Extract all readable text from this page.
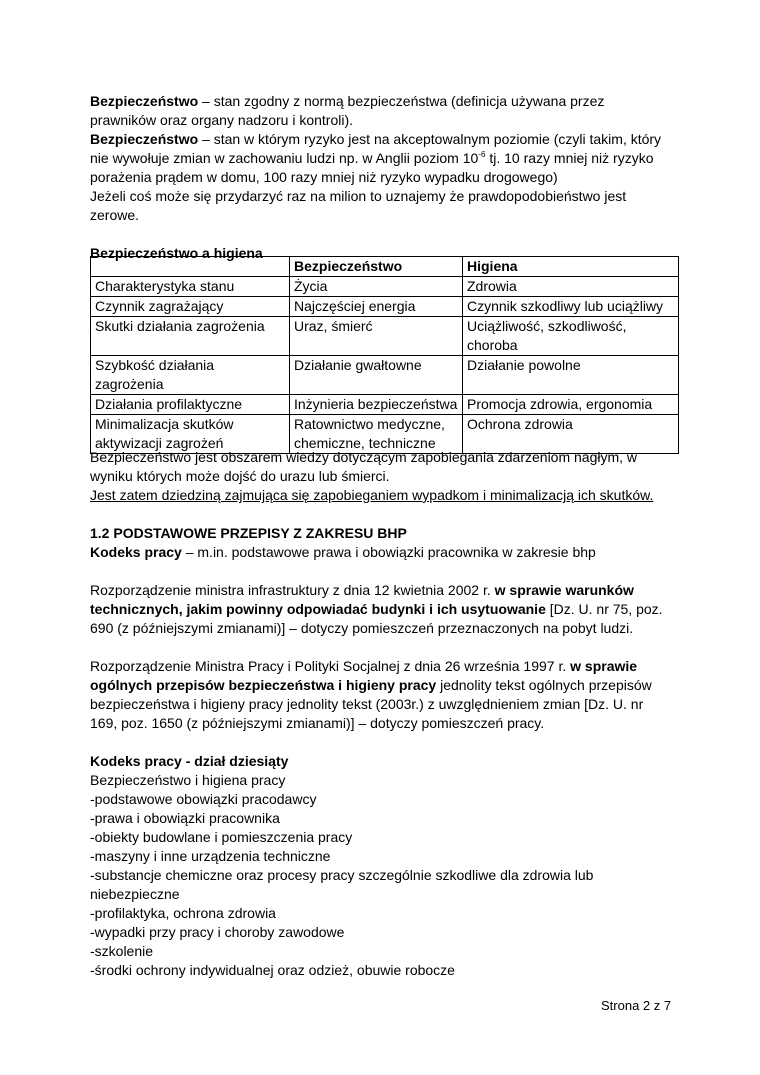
Bezpieczeństwo – stan zgodny z normą bezpieczeństwa (definicja używana przez
prawników oraz organy nadzoru i kontroli).
Bezpieczeństwo – stan w którym ryzyko jest na akceptowalnym poziomie (czyli takim, który
nie wywołuje zmian w zachowaniu ludzi np. w Anglii poziom $10^{-6}$ tj. 10 razy mniej niż ryzyko
porażenia prądem w domu, 100 razy mniej niż ryzyko wypadku drogowego)
Jeżeli coś może się przydarzyć raz na milion to uznajemy że prawdopodobieństwo jest
zerowe.
Bezpieczeństwo a higiena
Bezpieczeństwo jest obszarem wiedzy dotyczącym zapobiegania zdarzeniom nagłym, w
wyniku których może dojść do urazu lub śmierci.
Jest zatem dziedziną zajmująca się zapobieganiem wypadkom i minimalizacją ich skutków.
1.2 PODSTAWOWE PRZEPISY Z ZAKRESU BHP
Kodeks pracy – m.in. podstawowe prawa i obowiązki pracownika w zakresie bhp
Rozporządzenie ministra infrastruktury z dnia 12 kwietnia 2002 r. w sprawie warunków
technicznych, jakim powinny odpowiadać budynki i ich usytuowanie [Dz. U. nr 75, poz.
690 (z późniejszymi zmianami)] – dotyczy pomieszczeń przeznaczonych na pobyt ludzi.
Rozporządzenie Ministra Pracy i Polityki Socjalnej z dnia 26 września 1997 r. w sprawie
ogólnych przepisów bezpieczeństwa i higieny pracy jednolity tekst ogólnych przepisów
bezpieczeństwa i higieny pracy jednolity tekst (2003r.) z uwzględnieniem zmian [Dz. U. nr
169, poz. 1650 (z późniejszymi zmianami)] – dotyczy pomieszczeń pracy.
Kodeks pracy - dział dziesiąty
Bezpieczeństwo i higiena pracy
-podstawowe obowiązki pracodawcy
-prawa i obowiązki pracownika
-obiekty budowlane i pomieszczenia pracy
-maszyny i inne urządzenia techniczne
-substancje chemiczne oraz procesy pracy szczególnie szkodliwe dla zdrowia lub
niebezpieczne
-profilaktyka, ochrona zdrowia
-wypadki przy pracy i choroby zawodowe
-szkolenie
-środki ochrony indywidualnej oraz odzież, obuwie robocze
	Bezpieczeństwo	Higiena
Charakterystyka stanu	Życia	Zdrowia
Czynnik zagrażający	Najczęściej energia	Czynnik szkodliwy lub uciążliwy
Skutki działania zagrożenia	Uraz, śmierć	Uciążliwość, szkodliwość, choroba
Szybkość działania zagrożenia	Działanie gwałtowne	Działanie powolne
Działania profilaktyczne	Inżynieria bezpieczeństwa	Promocja zdrowia, ergonomia
Minimalizacja skutków aktywizacji zagrożeń	Ratownictwo medyczne, chemiczne, techniczne	Ochrona zdrowia
Strona 2 z 7
